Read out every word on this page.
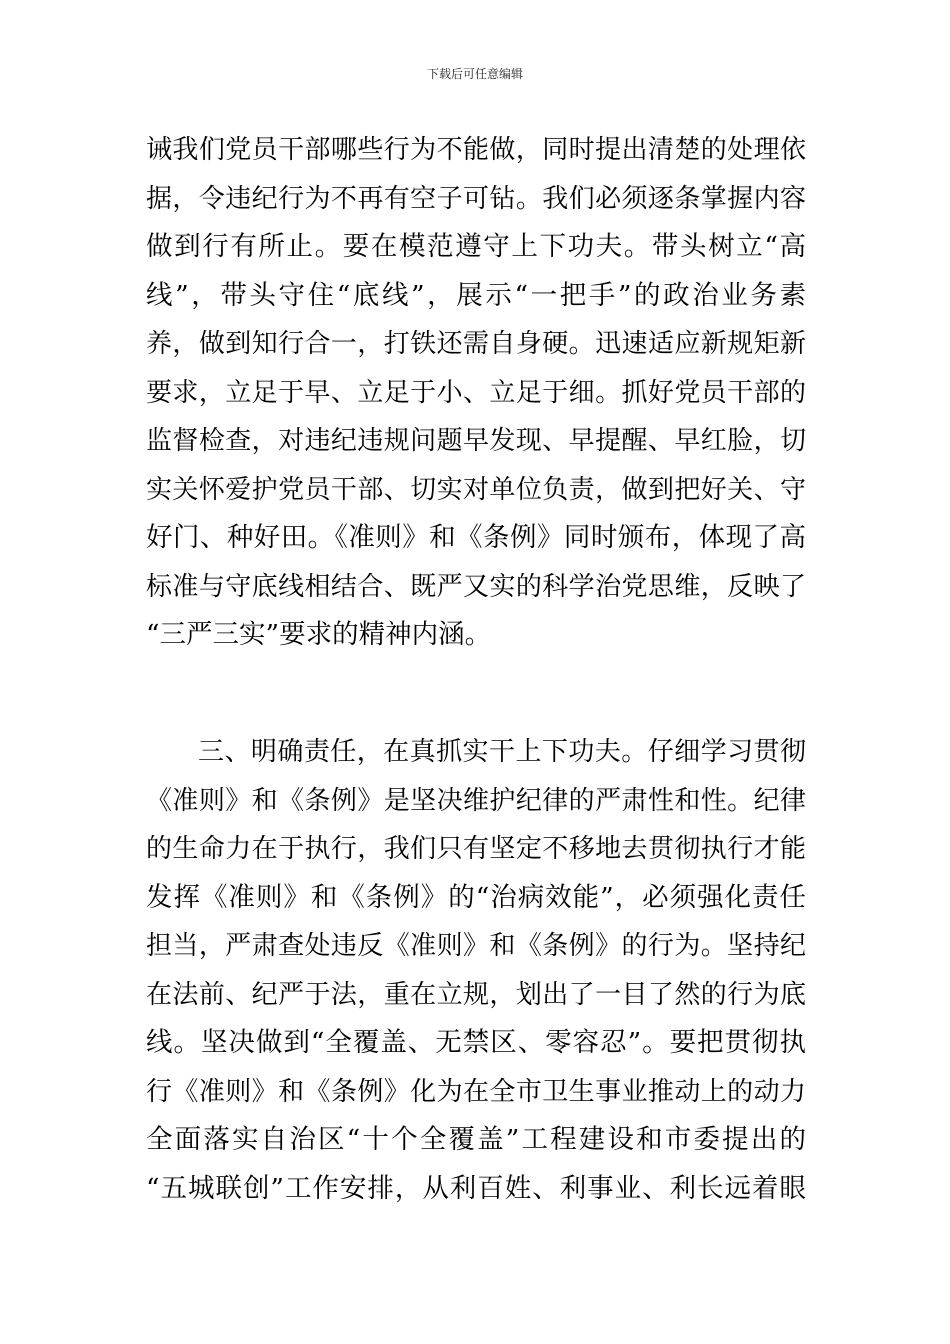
下载后可任意编辑
诫我们党员干部哪些行为不能做，同时提出清楚的处理依
据，令违纪行为不再有空子可钻。我们必须逐条掌握内容
做到行有所止。要在模范遵守上下功夫。带头树立“高
线”，带头守住“底线”，展示“一把手”的政治业务素
养，做到知行合一，打铁还需自身硬。迅速适应新规矩新
要求，立足于早、立足于小、立足于细。抓好党员干部的
监督检查，对违纪违规问题早发现、早提醒、早红脸，切
实关怀爱护党员干部、切实对单位负责，做到把好关、守
好门、种好田。《准则》和《条例》同时颁布，体现了高
标准与守底线相结合、既严又实的科学治党思维，反映了
“三严三实”要求的精神内涵。
三、明确责任，在真抓实干上下功夫。仔细学习贯彻
《准则》和《条例》是坚决维护纪律的严肃性和性。纪律
的生命力在于执行，我们只有坚定不移地去贯彻执行才能
发挥《准则》和《条例》的“治病效能”，必须强化责任
担当，严肃查处违反《准则》和《条例》的行为。坚持纪
在法前、纪严于法，重在立规，划出了一目了然的行为底
线。坚决做到“全覆盖、无禁区、零容忍”。要把贯彻执
行《准则》和《条例》化为在全市卫生事业推动上的动力
全面落实自治区“十个全覆盖”工程建设和市委提出的
“五城联创”工作安排，从利百姓、利事业、利长远着眼
